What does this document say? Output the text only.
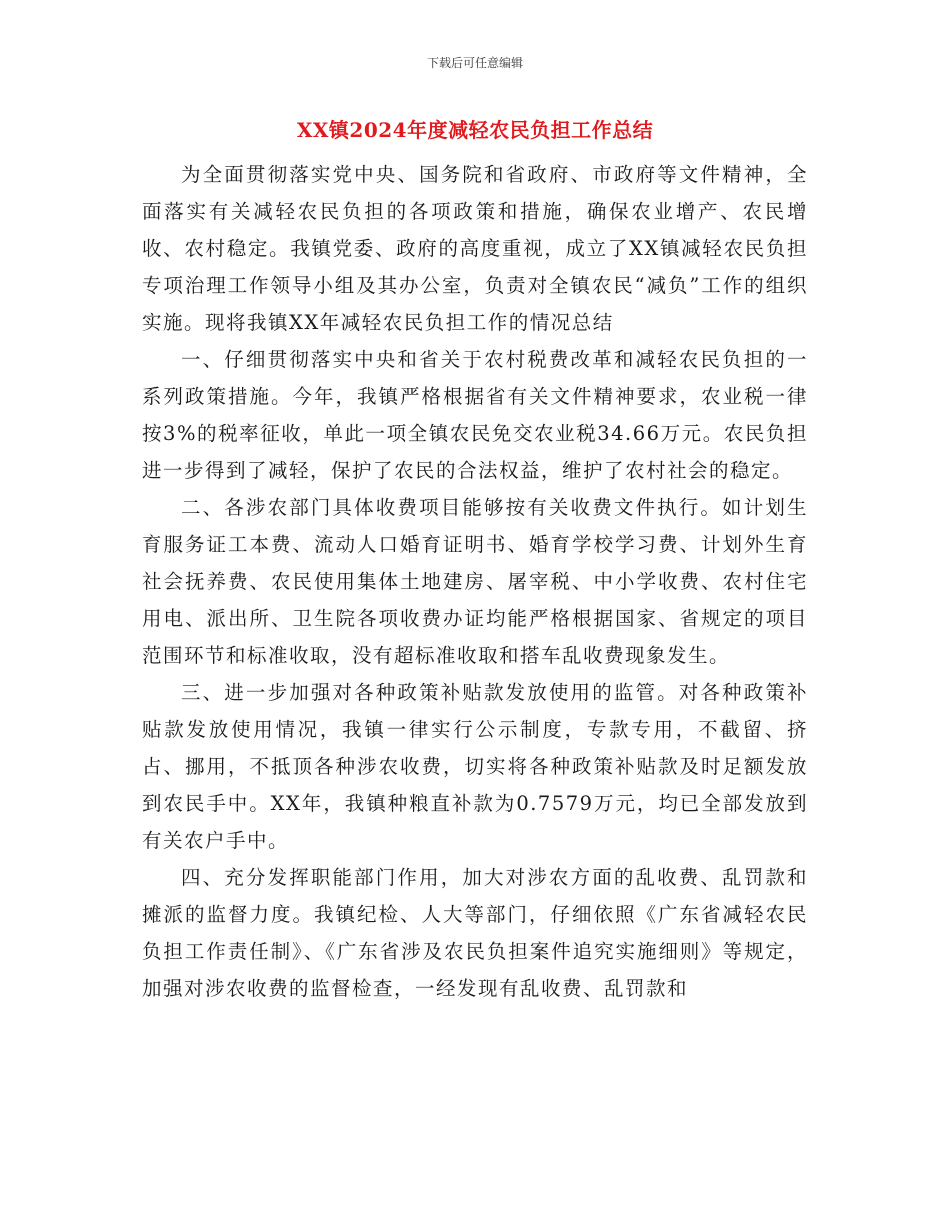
下载后可任意编辑
XX镇2024年度减轻农民负担工作总结

为全面贯彻落实党中央、国务院和省政府、市政府等文件精神，全面落实有关减轻农民负担的各项政策和措施，确保农业增产、农民增收、农村稳定。我镇党委、政府的高度重视，成立了XX镇减轻农民负担专项治理工作领导小组及其办公室，负责对全镇农民“减负”工作的组织实施。现将我镇XX年减轻农民负担工作的情况总结

一、仔细贯彻落实中央和省关于农村税费改革和减轻农民负担的一系列政策措施。今年，我镇严格根据省有关文件精神要求，农业税一律按3%的税率征收，单此一项全镇农民免交农业税34.66万元。农民负担进一步得到了减轻，保护了农民的合法权益，维护了农村社会的稳定。

二、各涉农部门具体收费项目能够按有关收费文件执行。如计划生育服务证工本费、流动人口婚育证明书、婚育学校学习费、计划外生育社会抚养费、农民使用集体土地建房、屠宰税、中小学收费、农村住宅用电、派出所、卫生院各项收费办证均能严格根据国家、省规定的项目范围环节和标准收取，没有超标准收取和搭车乱收费现象发生。

三、进一步加强对各种政策补贴款发放使用的监管。对各种政策补贴款发放使用情况，我镇一律实行公示制度，专款专用，不截留、挤占、挪用，不抵顶各种涉农收费，切实将各种政策补贴款及时足额发放到农民手中。XX年，我镇种粮直补款为0.7579万元，均已全部发放到有关农户手中。

四、充分发挥职能部门作用，加大对涉农方面的乱收费、乱罚款和摊派的监督力度。我镇纪检、人大等部门，仔细依照《广东省减轻农民负担工作责任制》、《广东省涉及农民负担案件追究实施细则》等规定，加强对涉农收费的监督检查，一经发现有乱收费、乱罚款和
